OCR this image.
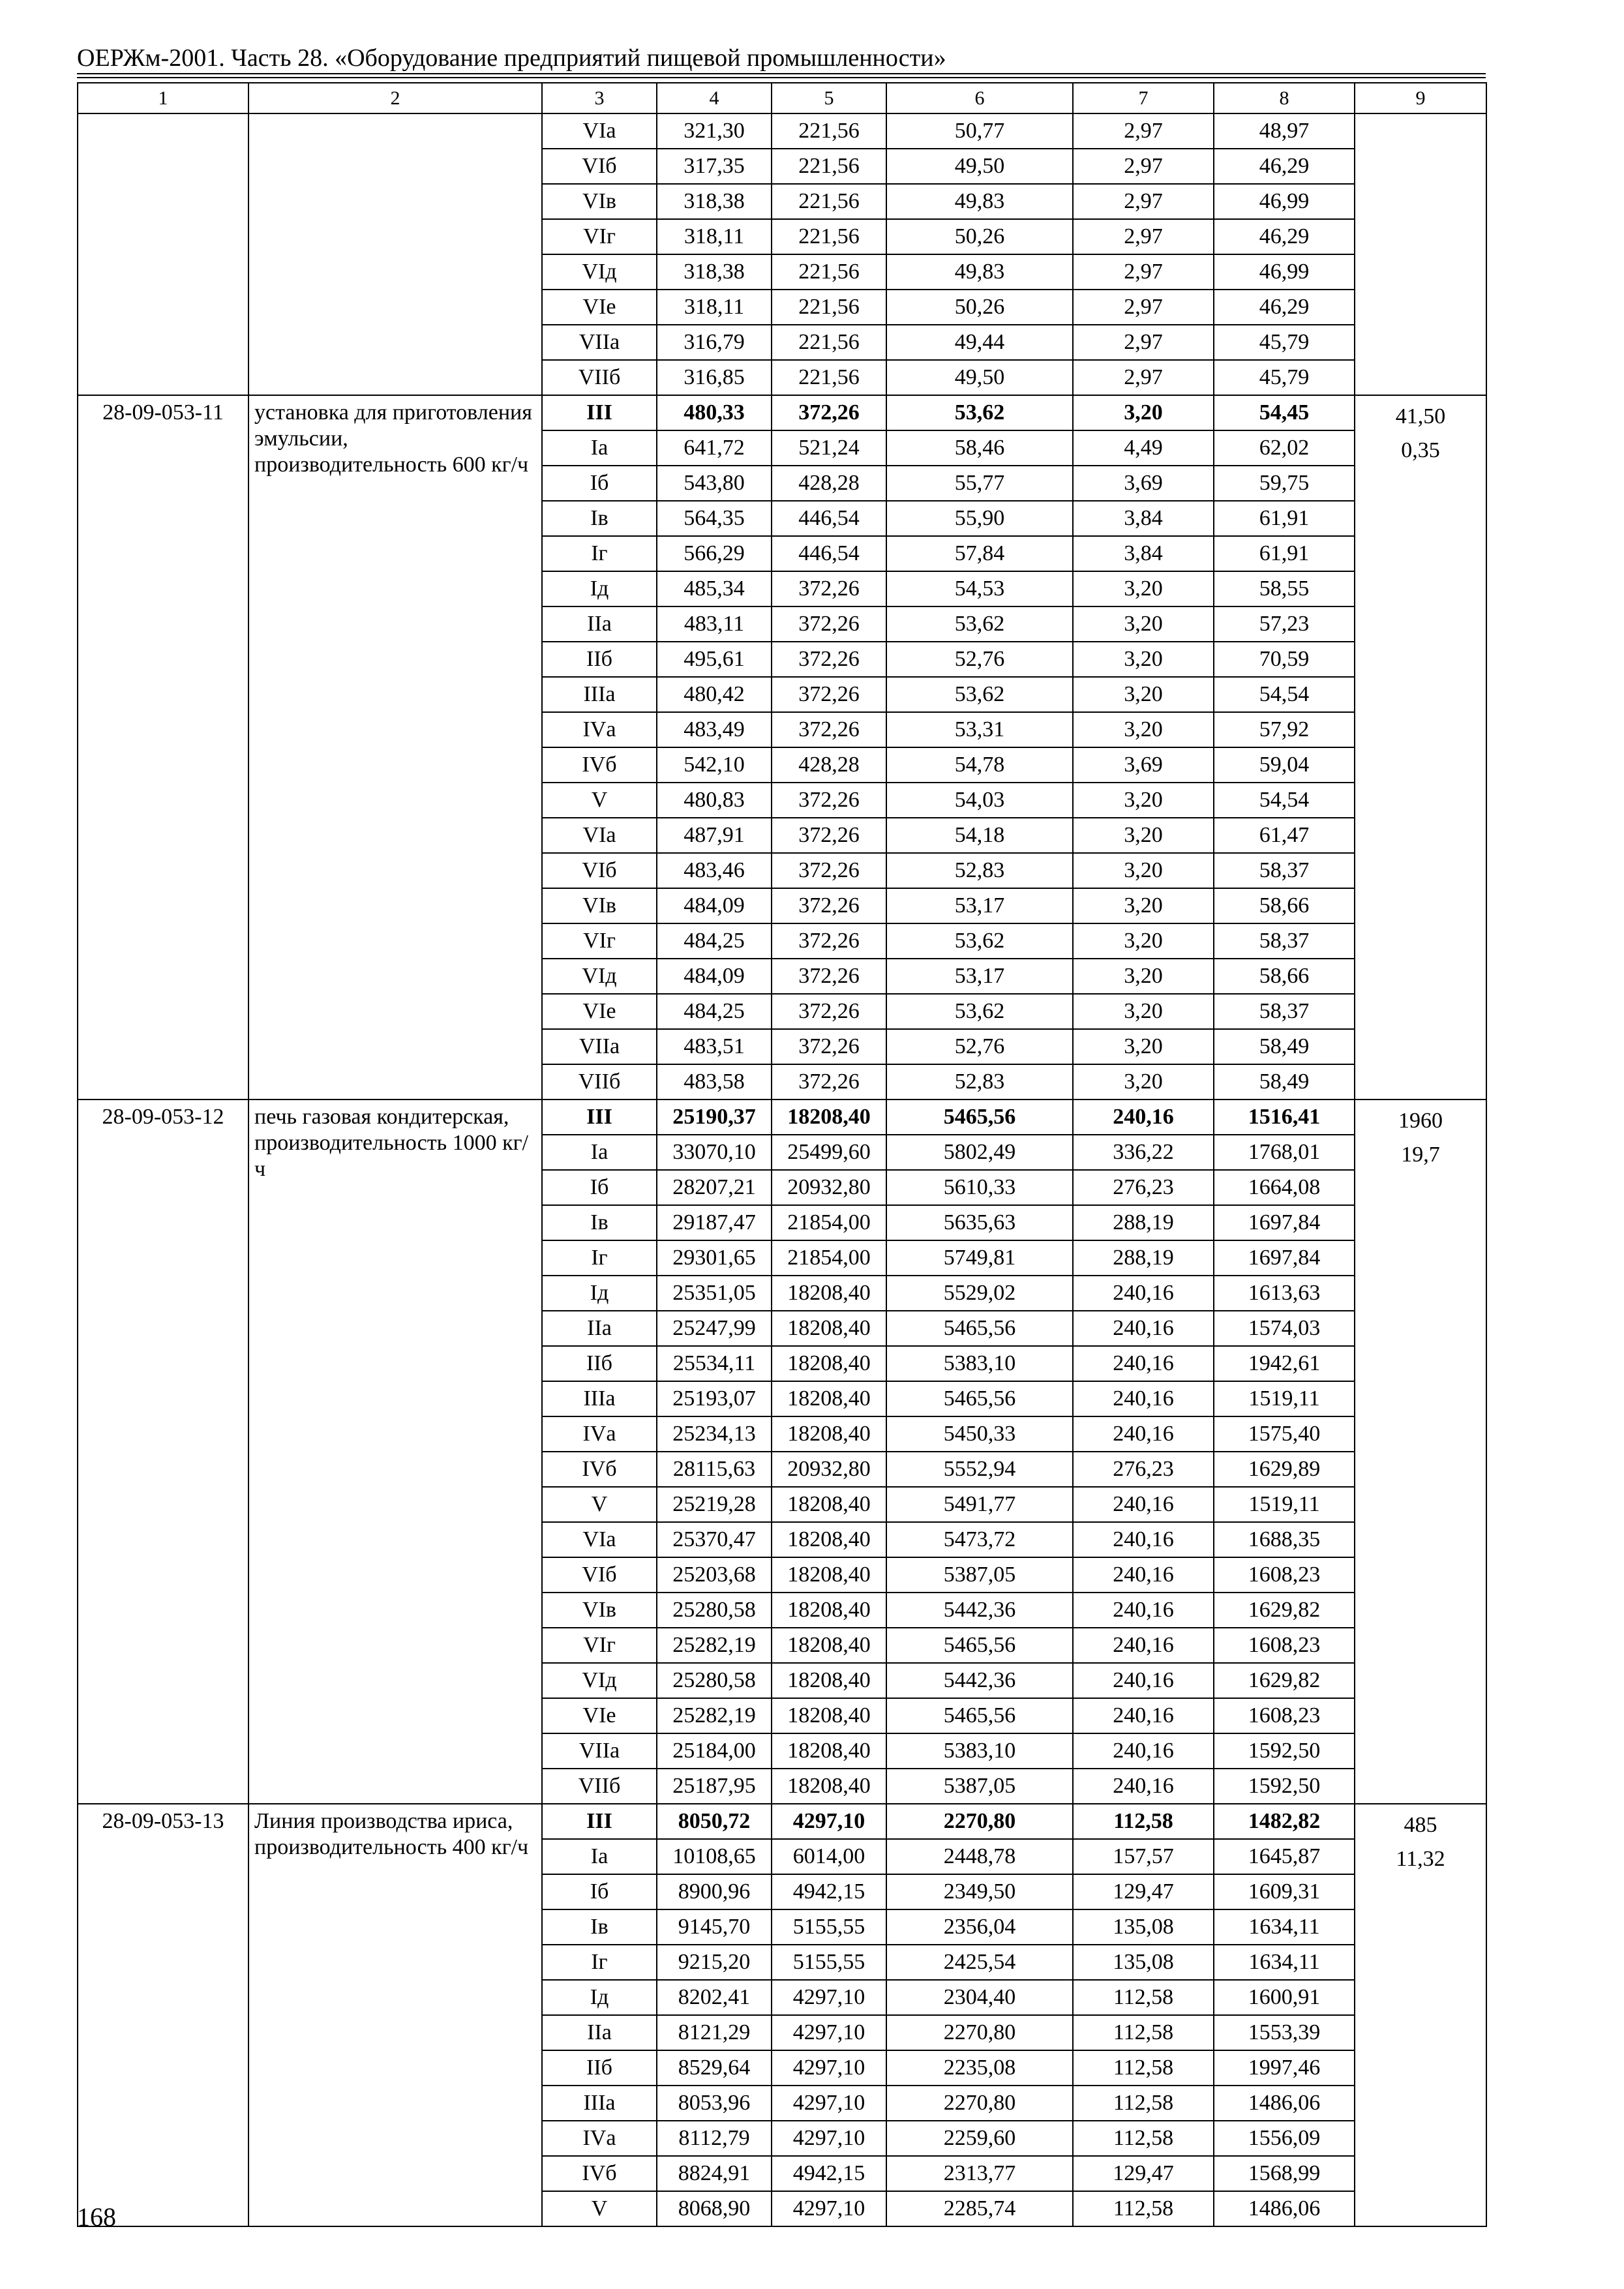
ОЕРЖм-2001. Часть 28. «Оборудование предприятий пищевой промышленности»
1	2	3	4	5	6	7	8	9
		VIа	321,30	221,56	50,77	2,97	48,97	
		VIб	317,35	221,56	49,50	2,97	46,29	
		VIв	318,38	221,56	49,83	2,97	46,99	
		VIг	318,11	221,56	50,26	2,97	46,29	
		VIд	318,38	221,56	49,83	2,97	46,99	
		VIе	318,11	221,56	50,26	2,97	46,29	
		VIIа	316,79	221,56	49,44	2,97	45,79	
		VIIб	316,85	221,56	49,50	2,97	45,79	
28-09-053-11	установка для приготовления эмульсии, производительность 600 кг/ч	III	480,33	372,26	53,62	3,20	54,45	41,50
0,35

		Iа	641,72	521,24	58,46	4,49	62,02	
		Iб	543,80	428,28	55,77	3,69	59,75	
		Iв	564,35	446,54	55,90	3,84	61,91	
		Iг	566,29	446,54	57,84	3,84	61,91	
		Iд	485,34	372,26	54,53	3,20	58,55	
		IIа	483,11	372,26	53,62	3,20	57,23	
		IIб	495,61	372,26	52,76	3,20	70,59	
		IIIа	480,42	372,26	53,62	3,20	54,54	
		IVа	483,49	372,26	53,31	3,20	57,92	
		IVб	542,10	428,28	54,78	3,69	59,04	
		V	480,83	372,26	54,03	3,20	54,54	
		VIа	487,91	372,26	54,18	3,20	61,47	
		VIб	483,46	372,26	52,83	3,20	58,37	
		VIв	484,09	372,26	53,17	3,20	58,66	
		VIг	484,25	372,26	53,62	3,20	58,37	
		VIд	484,09	372,26	53,17	3,20	58,66	
		VIе	484,25	372,26	53,62	3,20	58,37	
		VIIа	483,51	372,26	52,76	3,20	58,49	
		VIIб	483,58	372,26	52,83	3,20	58,49	
28-09-053-12	печь газовая кондитерская, производительность 1000 кг/ч	III	25190,37	18208,40	5465,56	240,16	1516,41	1960
19,7

		Iа	33070,10	25499,60	5802,49	336,22	1768,01	
		Iб	28207,21	20932,80	5610,33	276,23	1664,08	
		Iв	29187,47	21854,00	5635,63	288,19	1697,84	
		Iг	29301,65	21854,00	5749,81	288,19	1697,84	
		Iд	25351,05	18208,40	5529,02	240,16	1613,63	
		IIа	25247,99	18208,40	5465,56	240,16	1574,03	
		IIб	25534,11	18208,40	5383,10	240,16	1942,61	
		IIIа	25193,07	18208,40	5465,56	240,16	1519,11	
		IVа	25234,13	18208,40	5450,33	240,16	1575,40	
		IVб	28115,63	20932,80	5552,94	276,23	1629,89	
		V	25219,28	18208,40	5491,77	240,16	1519,11	
		VIа	25370,47	18208,40	5473,72	240,16	1688,35	
		VIб	25203,68	18208,40	5387,05	240,16	1608,23	
		VIв	25280,58	18208,40	5442,36	240,16	1629,82	
		VIг	25282,19	18208,40	5465,56	240,16	1608,23	
		VIд	25280,58	18208,40	5442,36	240,16	1629,82	
		VIе	25282,19	18208,40	5465,56	240,16	1608,23	
		VIIа	25184,00	18208,40	5383,10	240,16	1592,50	
		VIIб	25187,95	18208,40	5387,05	240,16	1592,50	
28-09-053-13	Линия производства ириса, производительность 400 кг/ч	III	8050,72	4297,10	2270,80	112,58	1482,82	485
11,32

		Iа	10108,65	6014,00	2448,78	157,57	1645,87	
		Iб	8900,96	4942,15	2349,50	129,47	1609,31	
		Iв	9145,70	5155,55	2356,04	135,08	1634,11	
		Iг	9215,20	5155,55	2425,54	135,08	1634,11	
		Iд	8202,41	4297,10	2304,40	112,58	1600,91	
		IIа	8121,29	4297,10	2270,80	112,58	1553,39	
		IIб	8529,64	4297,10	2235,08	112,58	1997,46	
		IIIа	8053,96	4297,10	2270,80	112,58	1486,06	
		IVа	8112,79	4297,10	2259,60	112,58	1556,09	
		IVб	8824,91	4942,15	2313,77	129,47	1568,99	
		V	8068,90	4297,10	2285,74	112,58	1486,06	
168
